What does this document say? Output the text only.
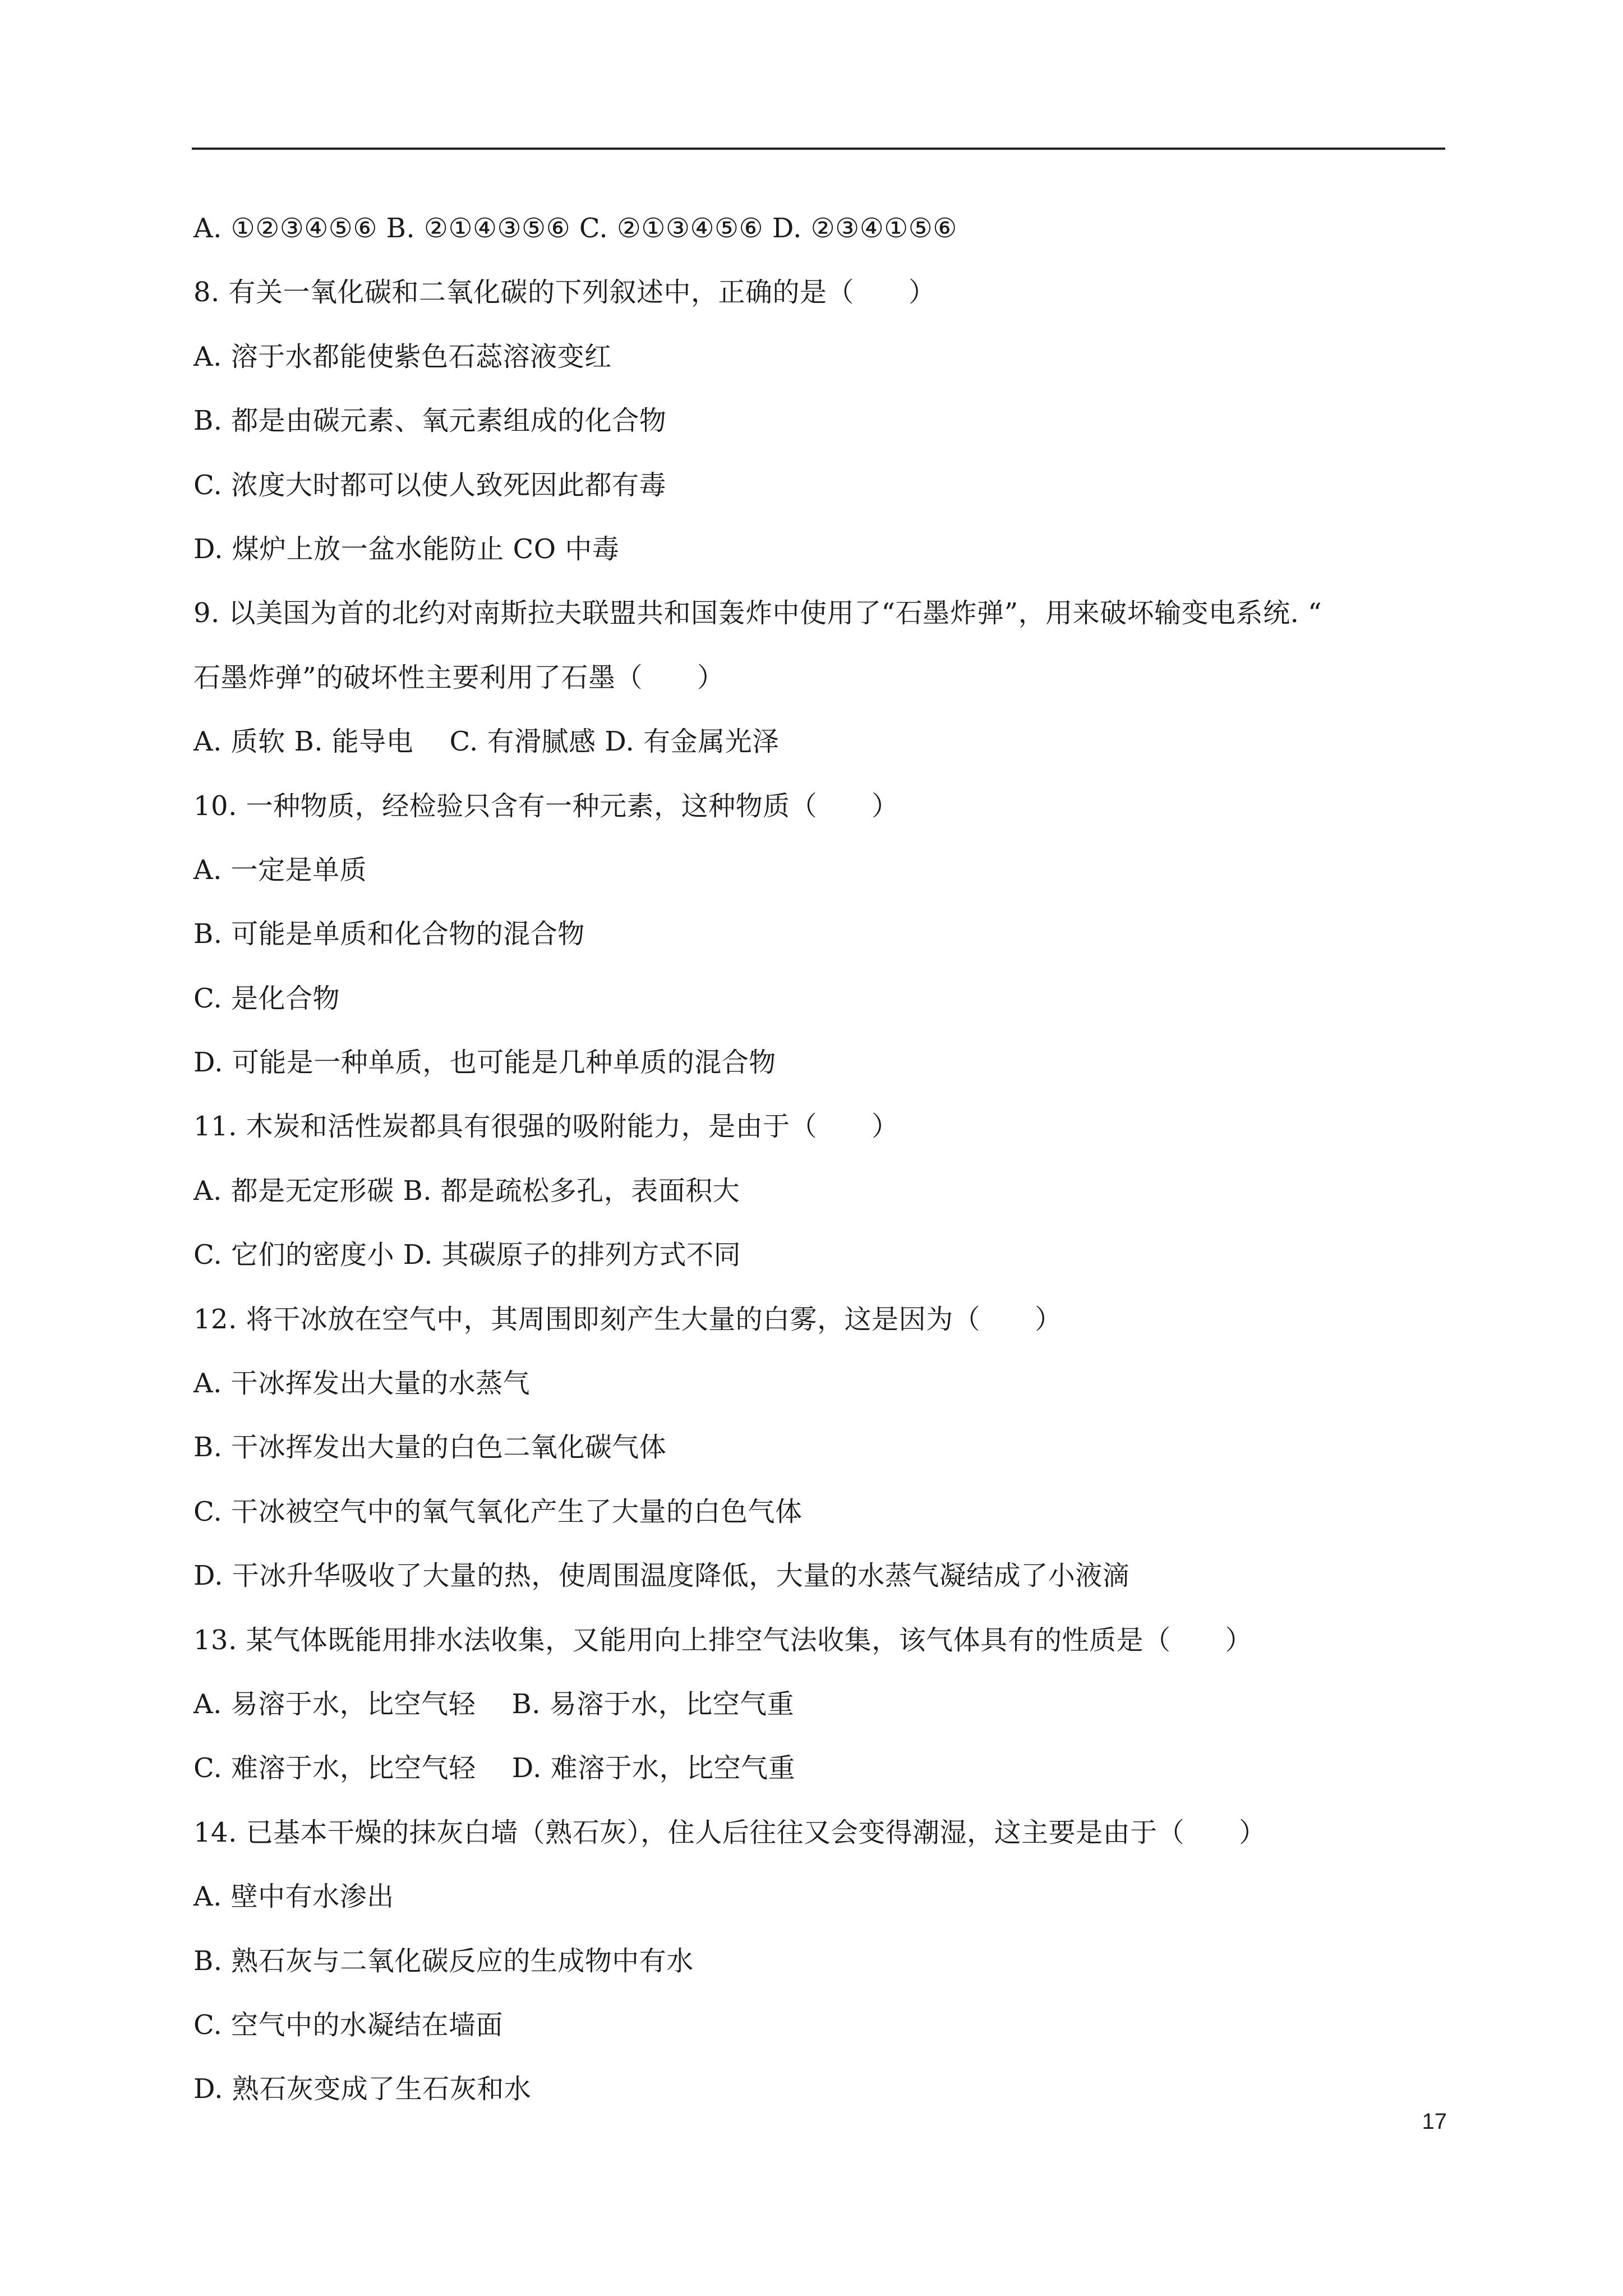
A. ①②③④⑤⑥ B. ②①④③⑤⑥ C. ②①③④⑤⑥ D. ②③④①⑤⑥
8. 有关一氧化碳和二氧化碳的下列叙述中，正确的是（　　）
A. 溶于水都能使紫色石蕊溶液变红
B. 都是由碳元素、氧元素组成的化合物
C. 浓度大时都可以使人致死因此都有毒
D. 煤炉上放一盆水能防止 CO 中毒
9. 以美国为首的北约对南斯拉夫联盟共和国轰炸中使用了“石墨炸弹”，用来破坏输变电系统. “
石墨炸弹”的破坏性主要利用了石墨（　　）
A. 质软 B. 能导电　 C. 有滑腻感 D. 有金属光泽
10. 一种物质，经检验只含有一种元素，这种物质（　　）
A. 一定是单质
B. 可能是单质和化合物的混合物
C. 是化合物
D. 可能是一种单质，也可能是几种单质的混合物
11. 木炭和活性炭都具有很强的吸附能力，是由于（　　）
A. 都是无定形碳 B. 都是疏松多孔，表面积大
C. 它们的密度小 D. 其碳原子的排列方式不同
12. 将干冰放在空气中，其周围即刻产生大量的白雾，这是因为（　　）
A. 干冰挥发出大量的水蒸气
B. 干冰挥发出大量的白色二氧化碳气体
C. 干冰被空气中的氧气氧化产生了大量的白色气体
D. 干冰升华吸收了大量的热，使周围温度降低，大量的水蒸气凝结成了小液滴
13. 某气体既能用排水法收集，又能用向上排空气法收集，该气体具有的性质是（　　）
A. 易溶于水，比空气轻　 B. 易溶于水，比空气重
C. 难溶于水，比空气轻　 D. 难溶于水，比空气重
14. 已基本干燥的抹灰白墙（熟石灰），住人后往往又会变得潮湿，这主要是由于（　　）
A. 壁中有水渗出
B. 熟石灰与二氧化碳反应的生成物中有水
C. 空气中的水凝结在墙面
D. 熟石灰变成了生石灰和水
17
